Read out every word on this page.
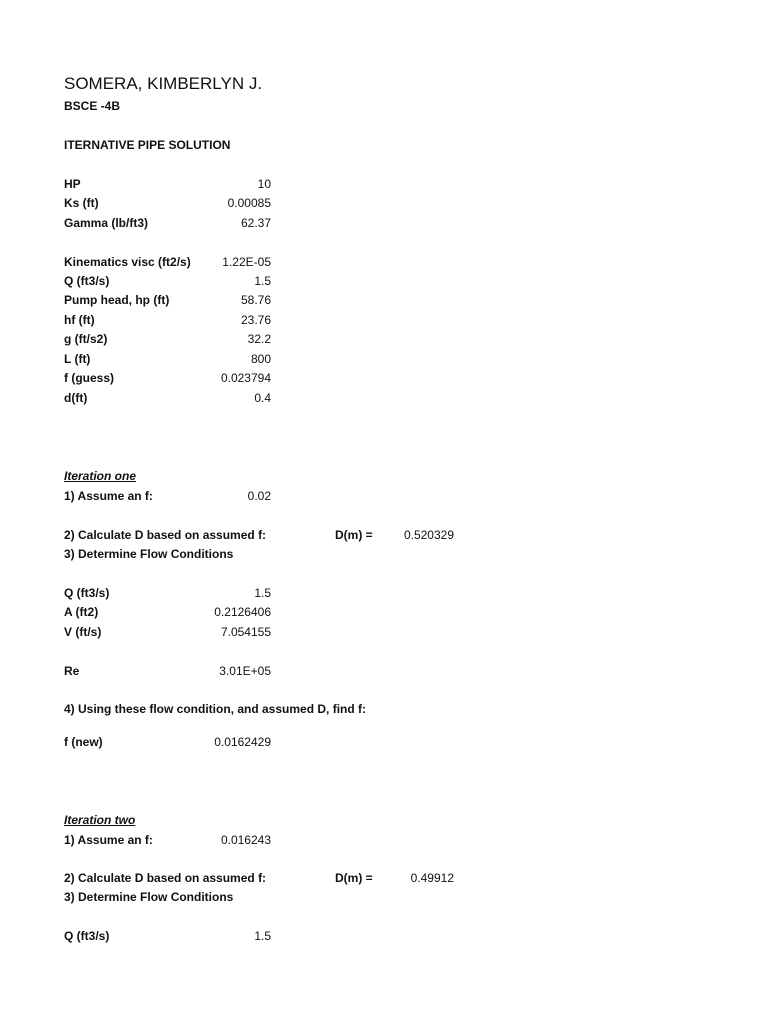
SOMERA, KIMBERLYN J.
BSCE -4B
ITERNATIVE PIPE SOLUTION
HP	10
Ks (ft)	0.00085
Gamma (lb/ft3)	62.37
Kinematics visc (ft2/s)	1.22E-05
Q (ft3/s)	1.5
Pump head, hp (ft)	58.76
hf (ft)	23.76
g (ft/s2)	32.2
L (ft)	800
f (guess)	0.023794
d(ft)	0.4
Iteration one
1) Assume an f:	0.02
2) Calculate D based on assumed f:	D(m) =	0.520329
3) Determine Flow Conditions
Q (ft3/s)	1.5
A (ft2)	0.2126406
V (ft/s)	7.054155
Re	3.01E+05
4) Using these flow condition, and assumed D, find f:
f (new)	0.0162429
Iteration two
1) Assume an f:	0.016243
2) Calculate D based on assumed f:	D(m) =	0.49912
3) Determine Flow Conditions
Q (ft3/s)	1.5
